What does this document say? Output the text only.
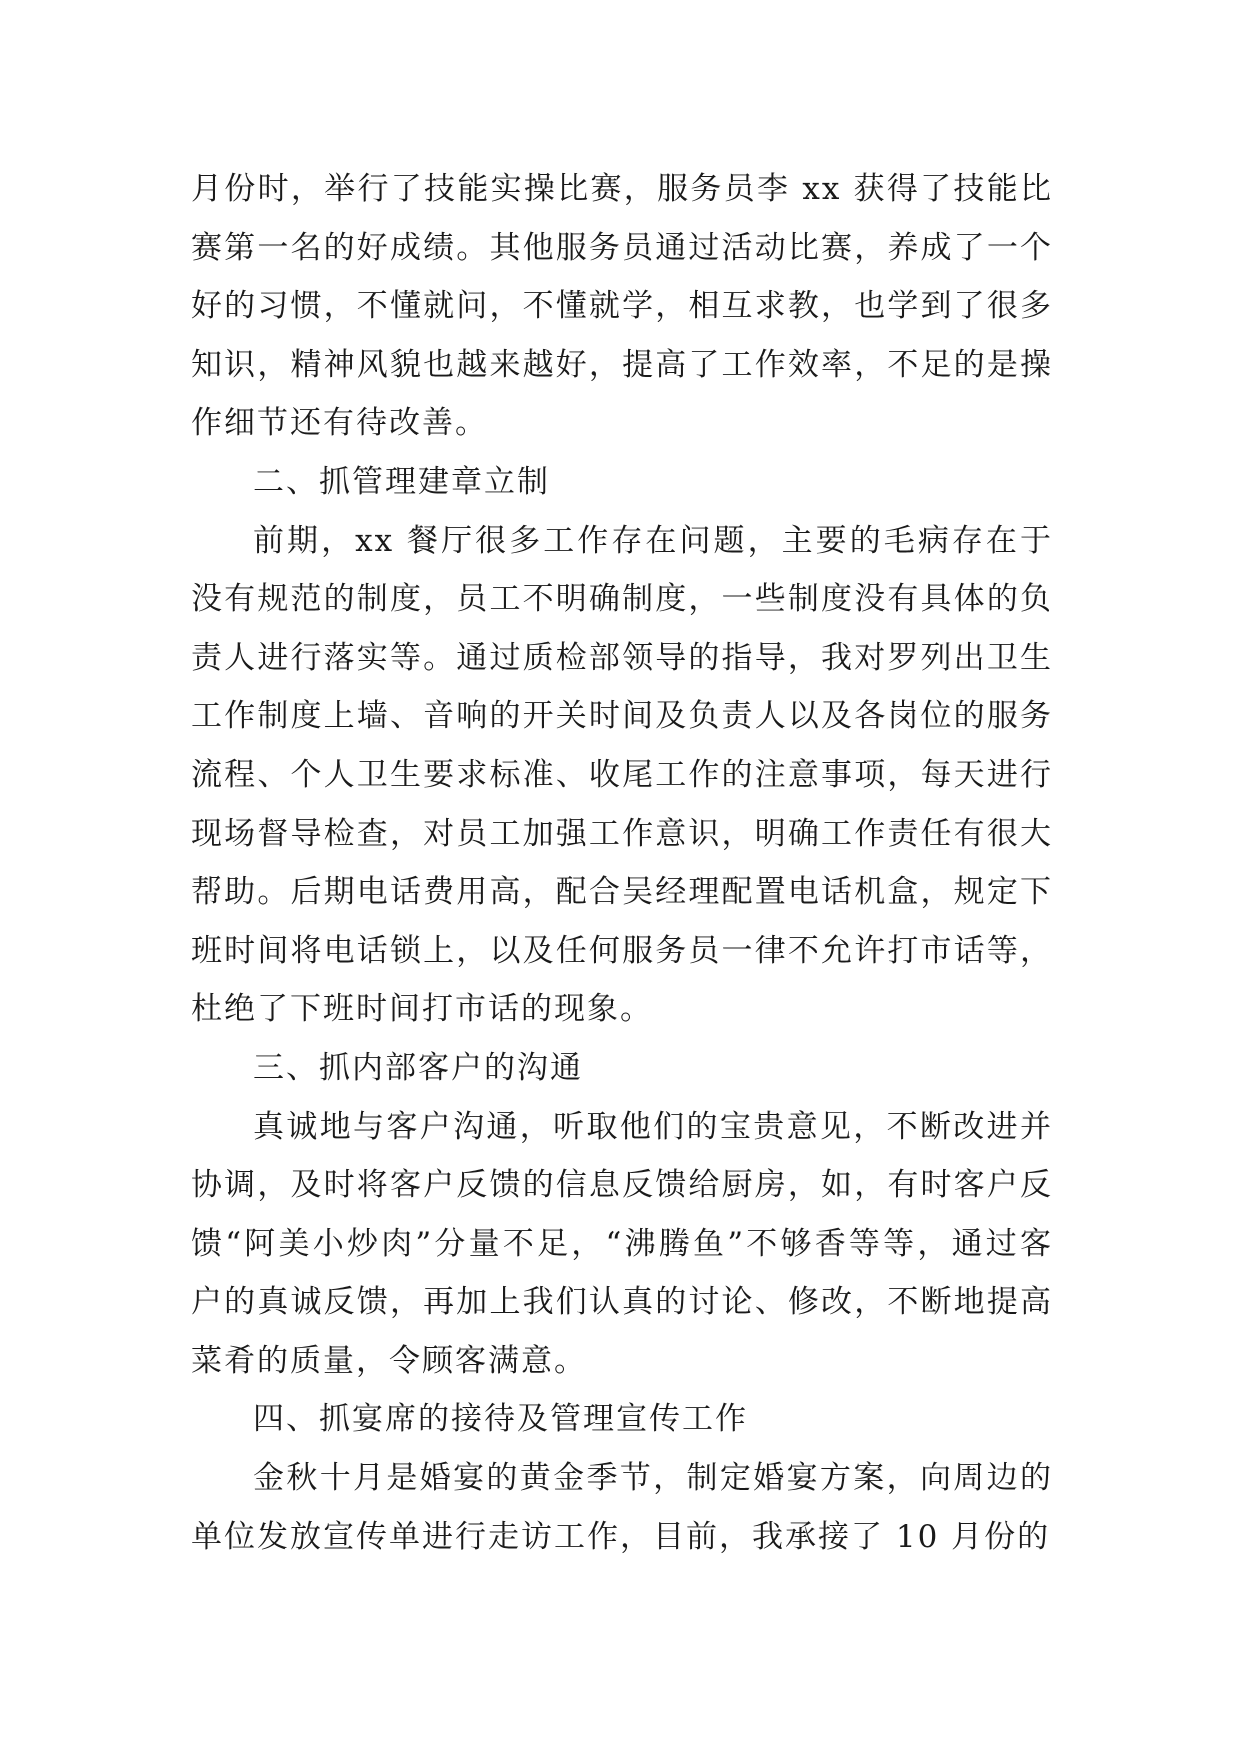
月份时，举行了技能实操比赛，服务员李 xx 获得了技能比赛第一名的好成绩。其他服务员通过活动比赛，养成了一个好的习惯，不懂就问，不懂就学，相互求教，也学到了很多知识，精神风貌也越来越好，提高了工作效率，不足的是操作细节还有待改善。

二、抓管理建章立制

前期，xx 餐厅很多工作存在问题，主要的毛病存在于没有规范的制度，员工不明确制度，一些制度没有具体的负责人进行落实等。通过质检部领导的指导，我对罗列出卫生工作制度上墙、音响的开关时间及负责人以及各岗位的服务流程、个人卫生要求标准、收尾工作的注意事项，每天进行现场督导检查，对员工加强工作意识，明确工作责任有很大帮助。后期电话费用高，配合吴经理配置电话机盒，规定下班时间将电话锁上，以及任何服务员一律不允许打市话等，杜绝了下班时间打市话的现象。

三、抓内部客户的沟通

真诚地与客户沟通，听取他们的宝贵意见，不断改进并协调，及时将客户反馈的信息反馈给厨房，如，有时客户反馈“阿美小炒肉”分量不足，“沸腾鱼”不够香等等，通过客户的真诚反馈，再加上我们认真的讨论、修改，不断地提高菜肴的质量，令顾客满意。

四、抓宴席的接待及管理宣传工作

金秋十月是婚宴的黄金季节，制定婚宴方案，向周边的单位发放宣传单进行走访工作，目前，我承接了 10 月份的
